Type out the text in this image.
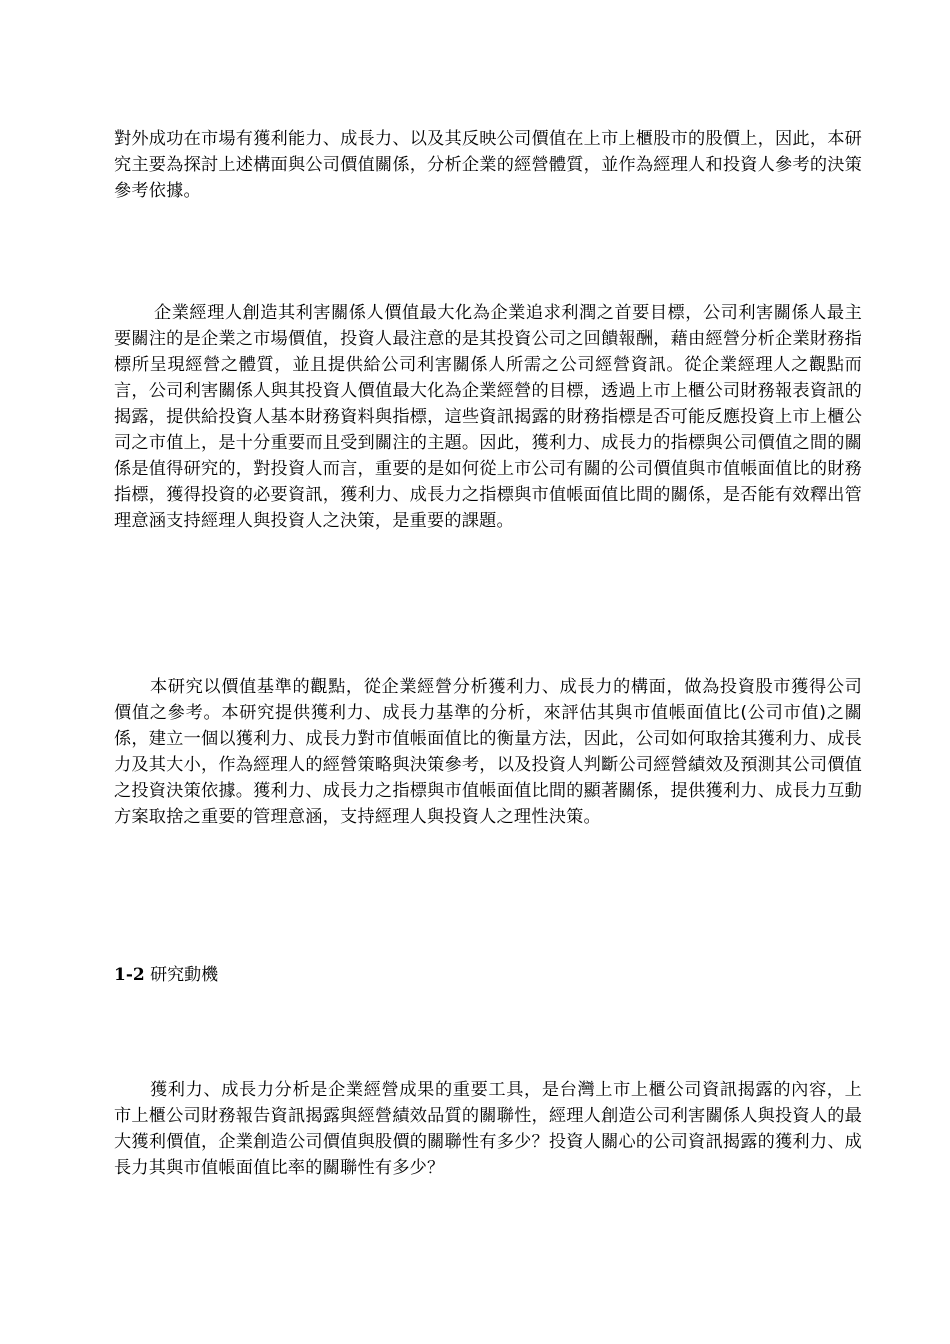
對外成功在市場有獲利能力、成長力、以及其反映公司價值在上市上櫃股市的股價上，因此，本研究主要為探討上述構面與公司價值關係，分析企業的經營體質，並作為經理人和投資人參考的決策參考依據。

企業經理人創造其利害關係人價值最大化為企業追求利潤之首要目標，公司利害關係人最主要關注的是企業之市場價值，投資人最注意的是其投資公司之回饋報酬，藉由經營分析企業財務指標所呈現經營之體質，並且提供給公司利害關係人所需之公司經營資訊。從企業經理人之觀點而言，公司利害關係人與其投資人價值最大化為企業經營的目標，透過上市上櫃公司財務報表資訊的揭露，提供給投資人基本財務資料與指標，這些資訊揭露的財務指標是否可能反應投資上市上櫃公司之市值上，是十分重要而且受到關注的主題。因此，獲利力、成長力的指標與公司價值之間的關係是值得研究的，對投資人而言，重要的是如何從上市公司有關的公司價值與市值帳面值比的財務指標，獲得投資的必要資訊，獲利力、成長力之指標與市值帳面值比間的關係，是否能有效釋出管理意涵支持經理人與投資人之決策，是重要的課題。

本研究以價值基準的觀點，從企業經營分析獲利力、成長力的構面，做為投資股市獲得公司價值之參考。本研究提供獲利力、成長力基準的分析，來評估其與市值帳面值比(公司市值)之關係，建立一個以獲利力、成長力對市值帳面值比的衡量方法，因此，公司如何取捨其獲利力、成長力及其大小，作為經理人的經營策略與決策參考，以及投資人判斷公司經營績效及預測其公司價值之投資決策依據。獲利力、成長力之指標與市值帳面值比間的顯著關係，提供獲利力、成長力互動方案取捨之重要的管理意涵，支持經理人與投資人之理性決策。

1-2 研究動機

獲利力、成長力分析是企業經營成果的重要工具，是台灣上市上櫃公司資訊揭露的內容，上市上櫃公司財務報告資訊揭露與經營績效品質的關聯性，經理人創造公司利害關係人與投資人的最大獲利價值，企業創造公司價值與股價的關聯性有多少？投資人關心的公司資訊揭露的獲利力、成長力其與市值帳面值比率的關聯性有多少？
